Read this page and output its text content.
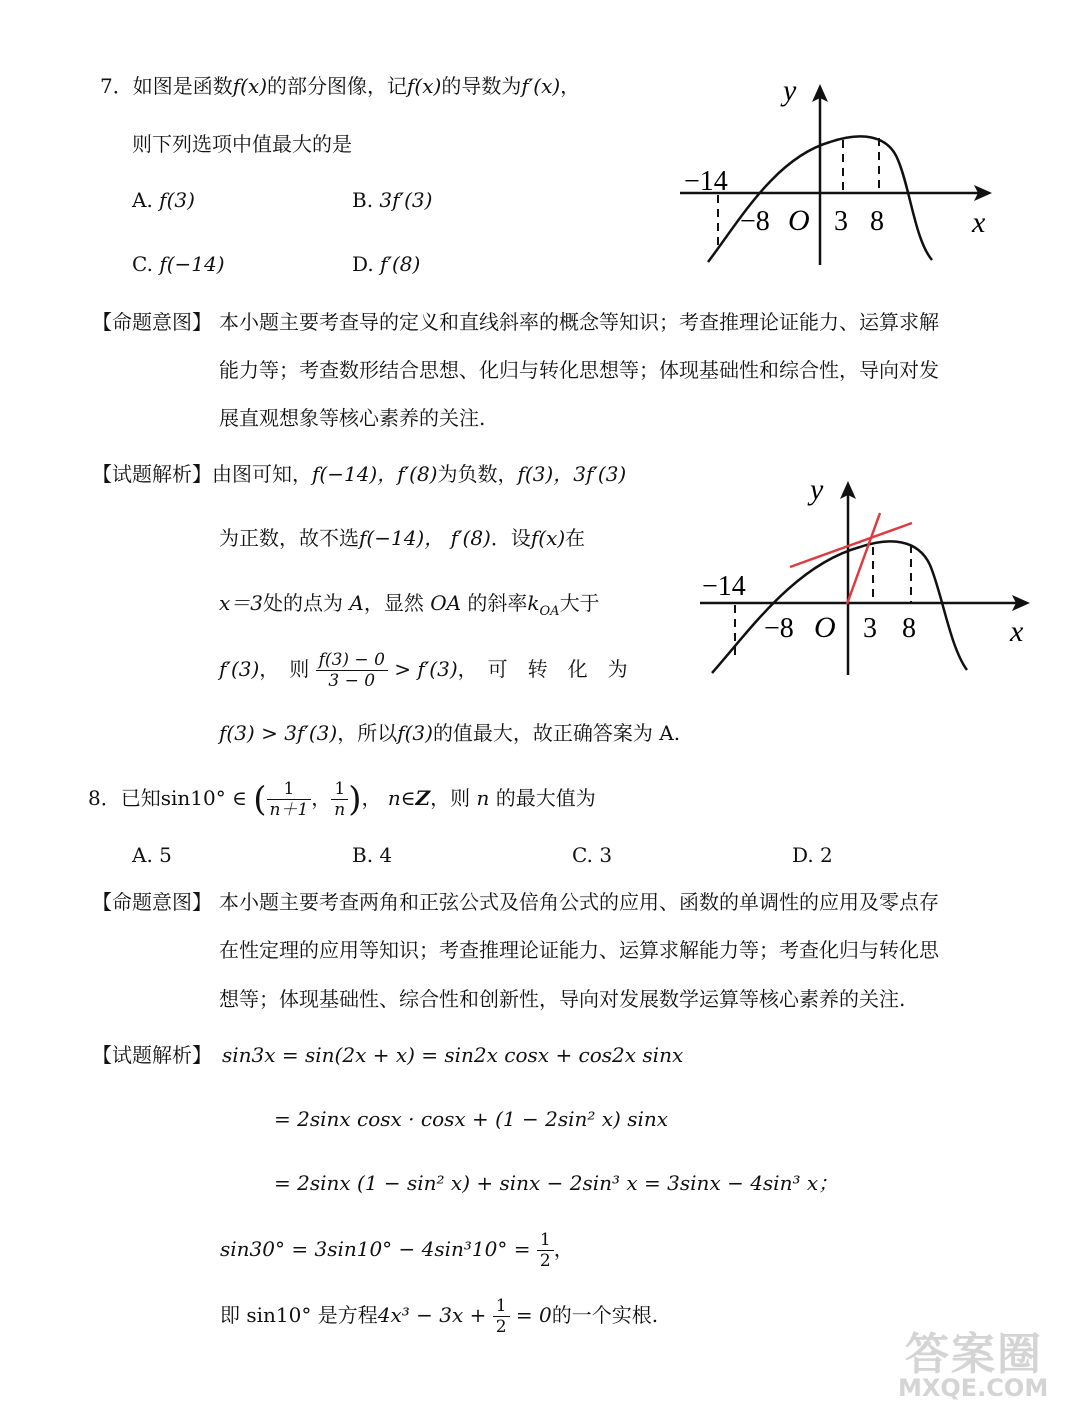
7．如图是函数f(x)的部分图像，记f(x)的导数为f′(x)，
则下列选项中值最大的是
A. f(3)	B. 3f′(3)
C. f(−14)	D. f′(8)
y
x
−14
−8 O 3 8
【命题意图】 本小题主要考查导的定义和直线斜率的概念等知识；考查推理论证能力、运算求解
能力等；考查数形结合思想、化归与转化思想等；体现基础性和综合性，导向对发
展直观想象等核心素养的关注.
【试题解析】 由图可知，f(−14)，f′(8)为负数，f(3)，3f′(3)
为正数，故不选f(−14)， f′(8)．设f(x)在
x＝3处的点为 A，显然 OA 的斜率$k_{OA}$大于
f′(3)，　则 $\frac{f(3) - 0}{3 - 0} > f'(3)$，　可　转　化　为
f(3) > 3f′(3)，所以f(3)的值最大，故正确答案为 A.
y
x
−14
−8 O 3 8
8．已知sin10° ∈ ( $\frac{1}{n+1}$ ， $\frac{1}{n}$ )， n∈Z，则 n 的最大值为
A. 5	B. 4	C. 3	D. 2
【命题意图】 本小题主要考查两角和正弦公式及倍角公式的应用、函数的单调性的应用及零点存
在性定理的应用等知识；考查推理论证能力、运算求解能力等；考查化归与转化思
想等；体现基础性、综合性和创新性，导向对发展数学运算等核心素养的关注.
【试题解析】 sin3x = sin(2x + x) = sin2x cosx + cos2x sinx
= 2sinx cosx · cosx + (1 − 2sin² x) sinx
= 2sinx (1 − sin² x) + sinx − 2sin³ x = 3sinx − 4sin³ x；
$\sin 30^\circ = 3\sin 10^\circ - 4\sin^310^\circ = \frac{1}{2}$ ，
即 sin10° 是方程$4x^3 - 3x + \frac{1}{2} = 0$的一个实根.
答案圈
MXQE.COM
